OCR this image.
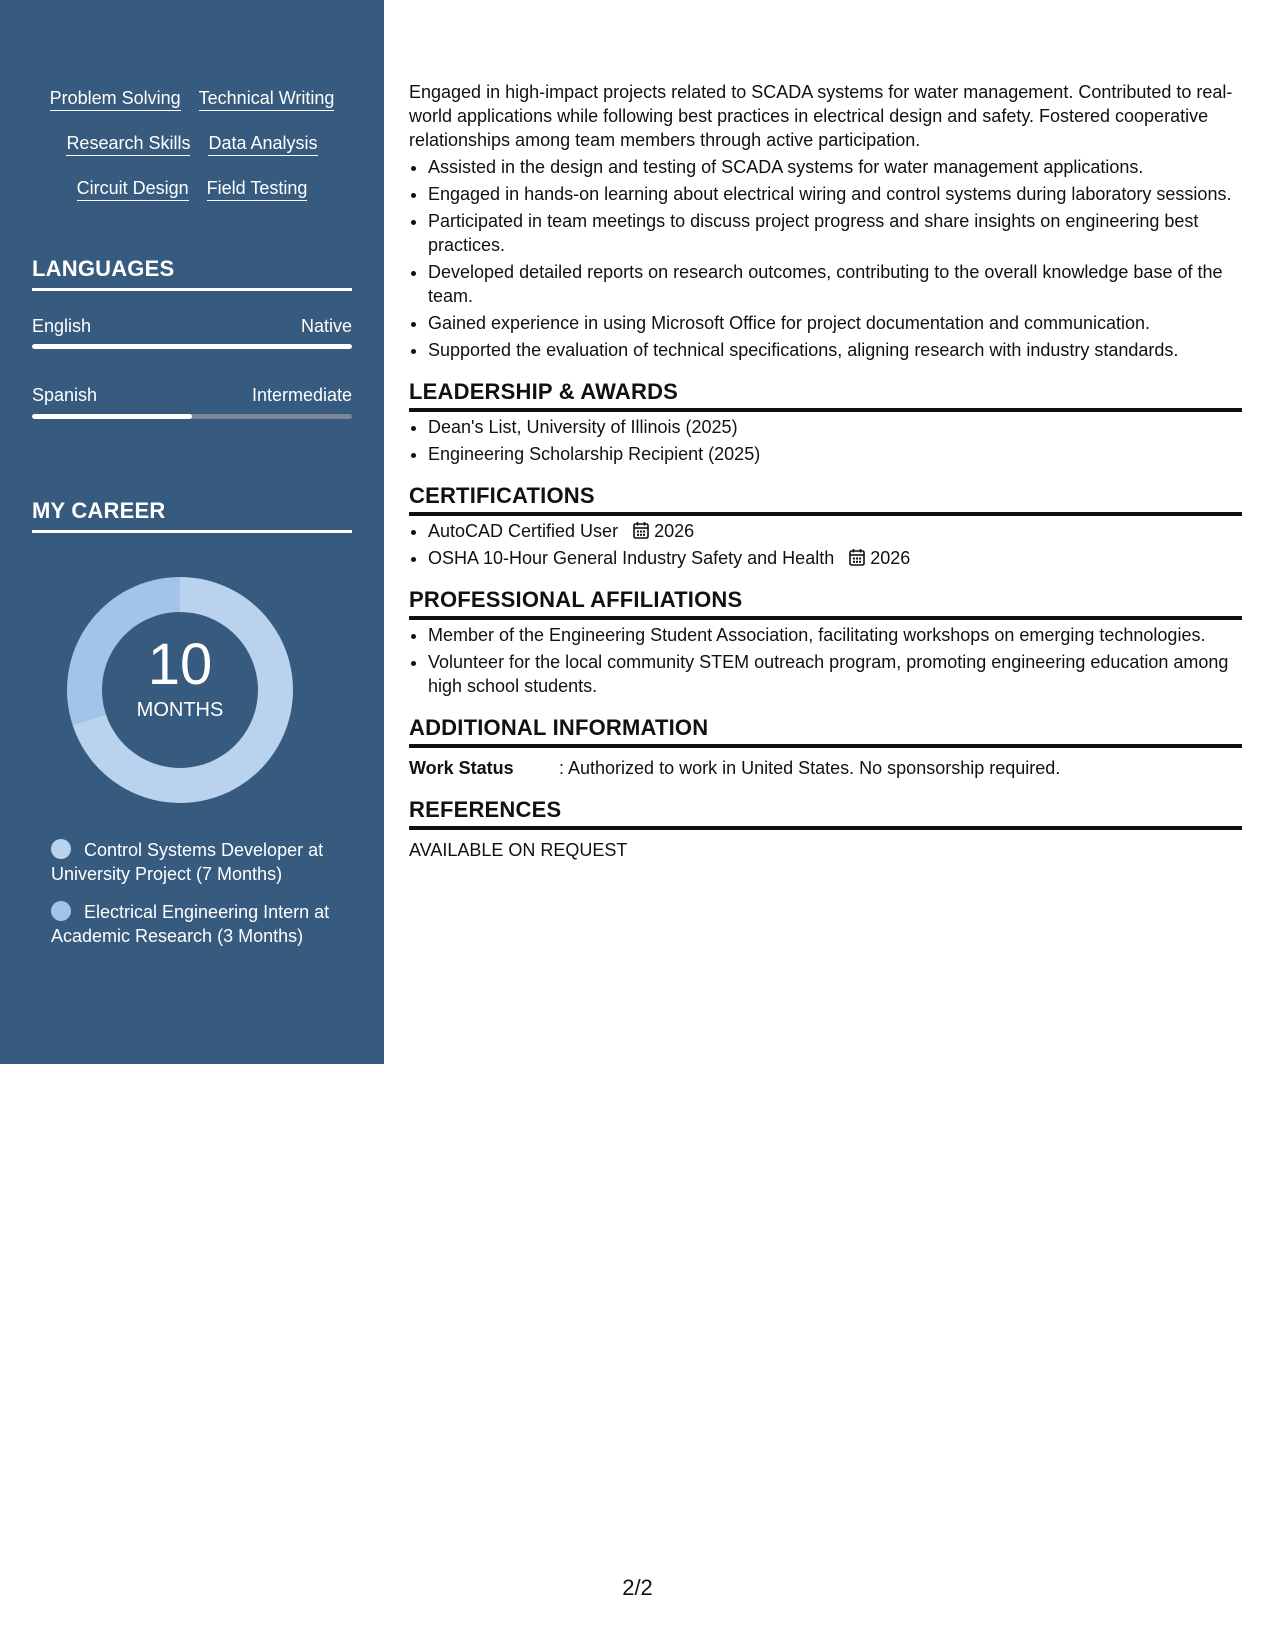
Problem Solving Technical Writing
Research Skills Data Analysis
Circuit Design Field Testing
LANGUAGES
English	Native
Spanish	Intermediate
MY CAREER
10
MONTHS
Control Systems Developer at University Project (7 Months)
Electrical Engineering Intern at Academic Research (3 Months)

Engaged in high-impact projects related to SCADA systems for water management. Contributed to real-world applications while following best practices in electrical design and safety. Fostered cooperative relationships among team members through active participation.

• Assisted in the design and testing of SCADA systems for water management applications.
• Engaged in hands-on learning about electrical wiring and control systems during laboratory sessions.
• Participated in team meetings to discuss project progress and share insights on engineering best practices.
• Developed detailed reports on research outcomes, contributing to the overall knowledge base of the team.
• Gained experience in using Microsoft Office for project documentation and communication.
• Supported the evaluation of technical specifications, aligning research with industry standards.
LEADERSHIP & AWARDS
• Dean's List, University of Illinois (2025)
• Engineering Scholarship Recipient (2025)
CERTIFICATIONS
• AutoCAD Certified User 2026
• OSHA 10-Hour General Industry Safety and Health 2026
PROFESSIONAL AFFILIATIONS
• Member of the Engineering Student Association, facilitating workshops on emerging technologies.
• Volunteer for the local community STEM outreach program, promoting engineering education among high school students.
ADDITIONAL INFORMATION
Work Status	: Authorized to work in United States. No sponsorship required.
REFERENCES
AVAILABLE ON REQUEST
2/2
